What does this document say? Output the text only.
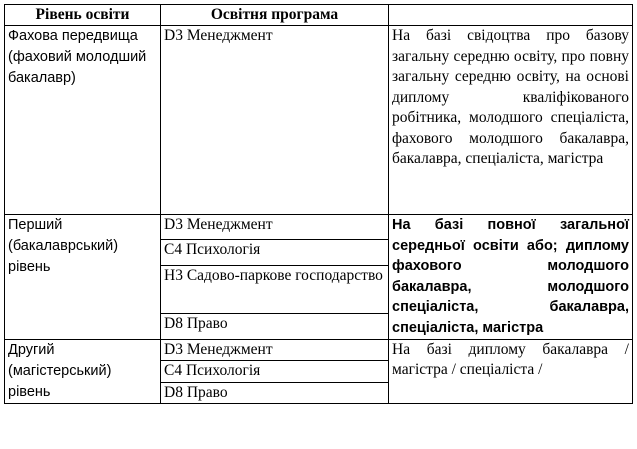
Рівень освіти	Освітня програма	
Фахова передвища (фаховий молодший бакалавр)	D3 Менеджмент	На базі свідоцтва про базову загальну середню освіту, про повну загальну середню освіту, на основі диплому кваліфікованого робітника, молодшого спеціаліста, фахового молодшого бакалавра, бакалавра, спеціаліста, магістра
Перший (бакалаврський) рівень	D3 Менеджмент	На базі повної загальної середньої освіти або; диплому фахового молодшого бакалавра, молодшого спеціаліста, бакалавра, спеціаліста, магістра
	С4 Психологія	
	Н3 Садово-паркове господарство	
	D8 Право	
Другий (магістерський) рівень	D3 Менеджмент	На базі диплому бакалавра / магістра / спеціаліста /
	С4 Психологія	
	D8 Право	
